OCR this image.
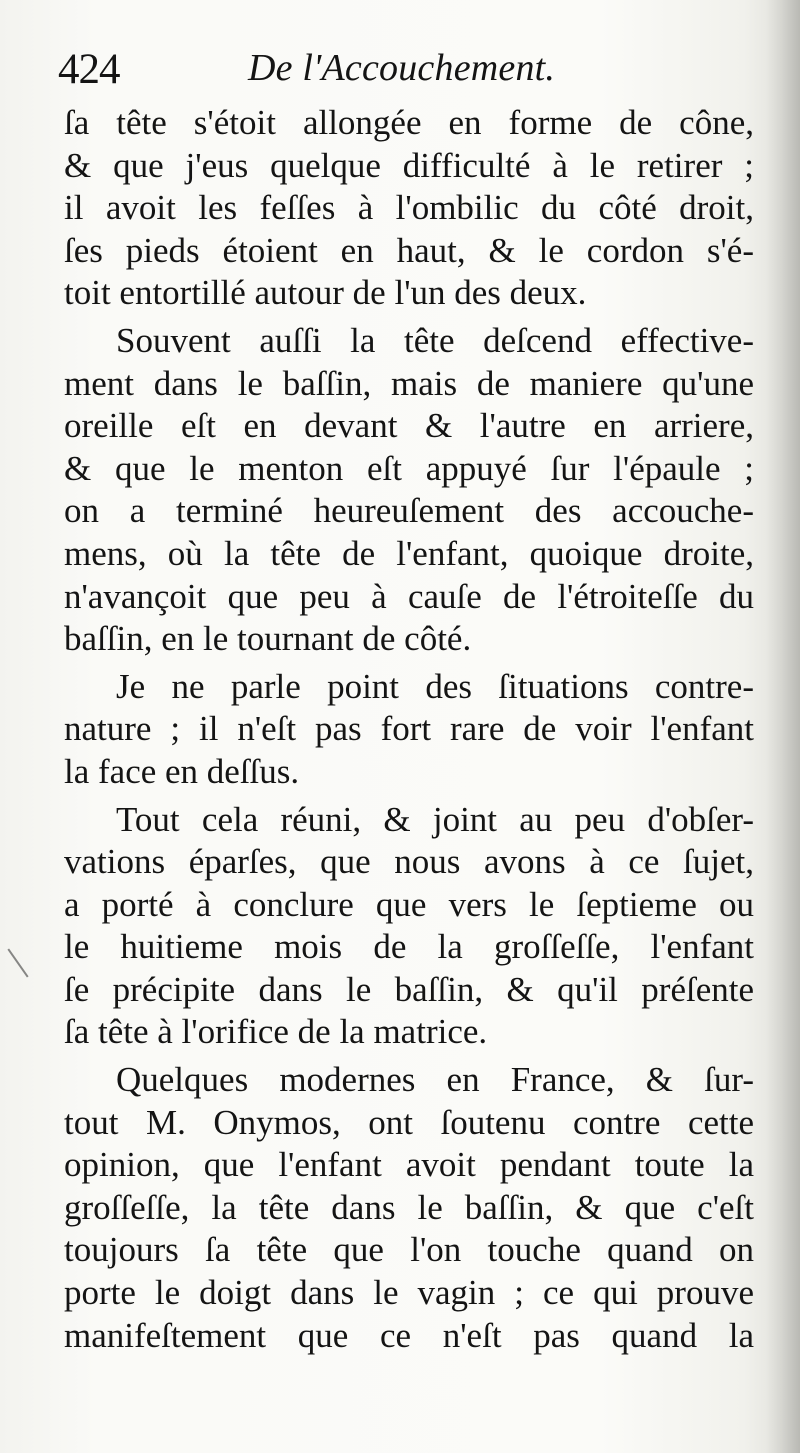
424	De l'Accouchement.
ſa tête s'étoit allongée en forme de cône,
& que j'eus quelque difficulté à le retirer ;
il avoit les feſſes à l'ombilic du côté droit,
ſes pieds étoient en haut, & le cordon s'é-
toit entortillé autour de l'un des deux.
Souvent auſſi la tête deſcend effective-
ment dans le baſſin, mais de maniere qu'une
oreille eſt en devant & l'autre en arriere,
& que le menton eſt appuyé ſur l'épaule ;
on a terminé heureuſement des accouche-
mens, où la tête de l'enfant, quoique droite,
n'avançoit que peu à cauſe de l'étroiteſſe du
baſſin, en le tournant de côté.
Je ne parle point des ſituations contre-
nature ; il n'eſt pas fort rare de voir l'enfant
la face en deſſus.
Tout cela réuni, & joint au peu d'obſer-
vations éparſes, que nous avons à ce ſujet,
a porté à conclure que vers le ſeptieme ou
le huitieme mois de la groſſeſſe, l'enfant
ſe précipite dans le baſſin, & qu'il préſente
ſa tête à l'orifice de la matrice.
Quelques modernes en France, & ſur-
tout M. Onymos, ont ſoutenu contre cette
opinion, que l'enfant avoit pendant toute la
groſſeſſe, la tête dans le baſſin, & que c'eſt
toujours ſa tête que l'on touche quand on
porte le doigt dans le vagin ; ce qui prouve
manifeſtement que ce n'eſt pas quand la
